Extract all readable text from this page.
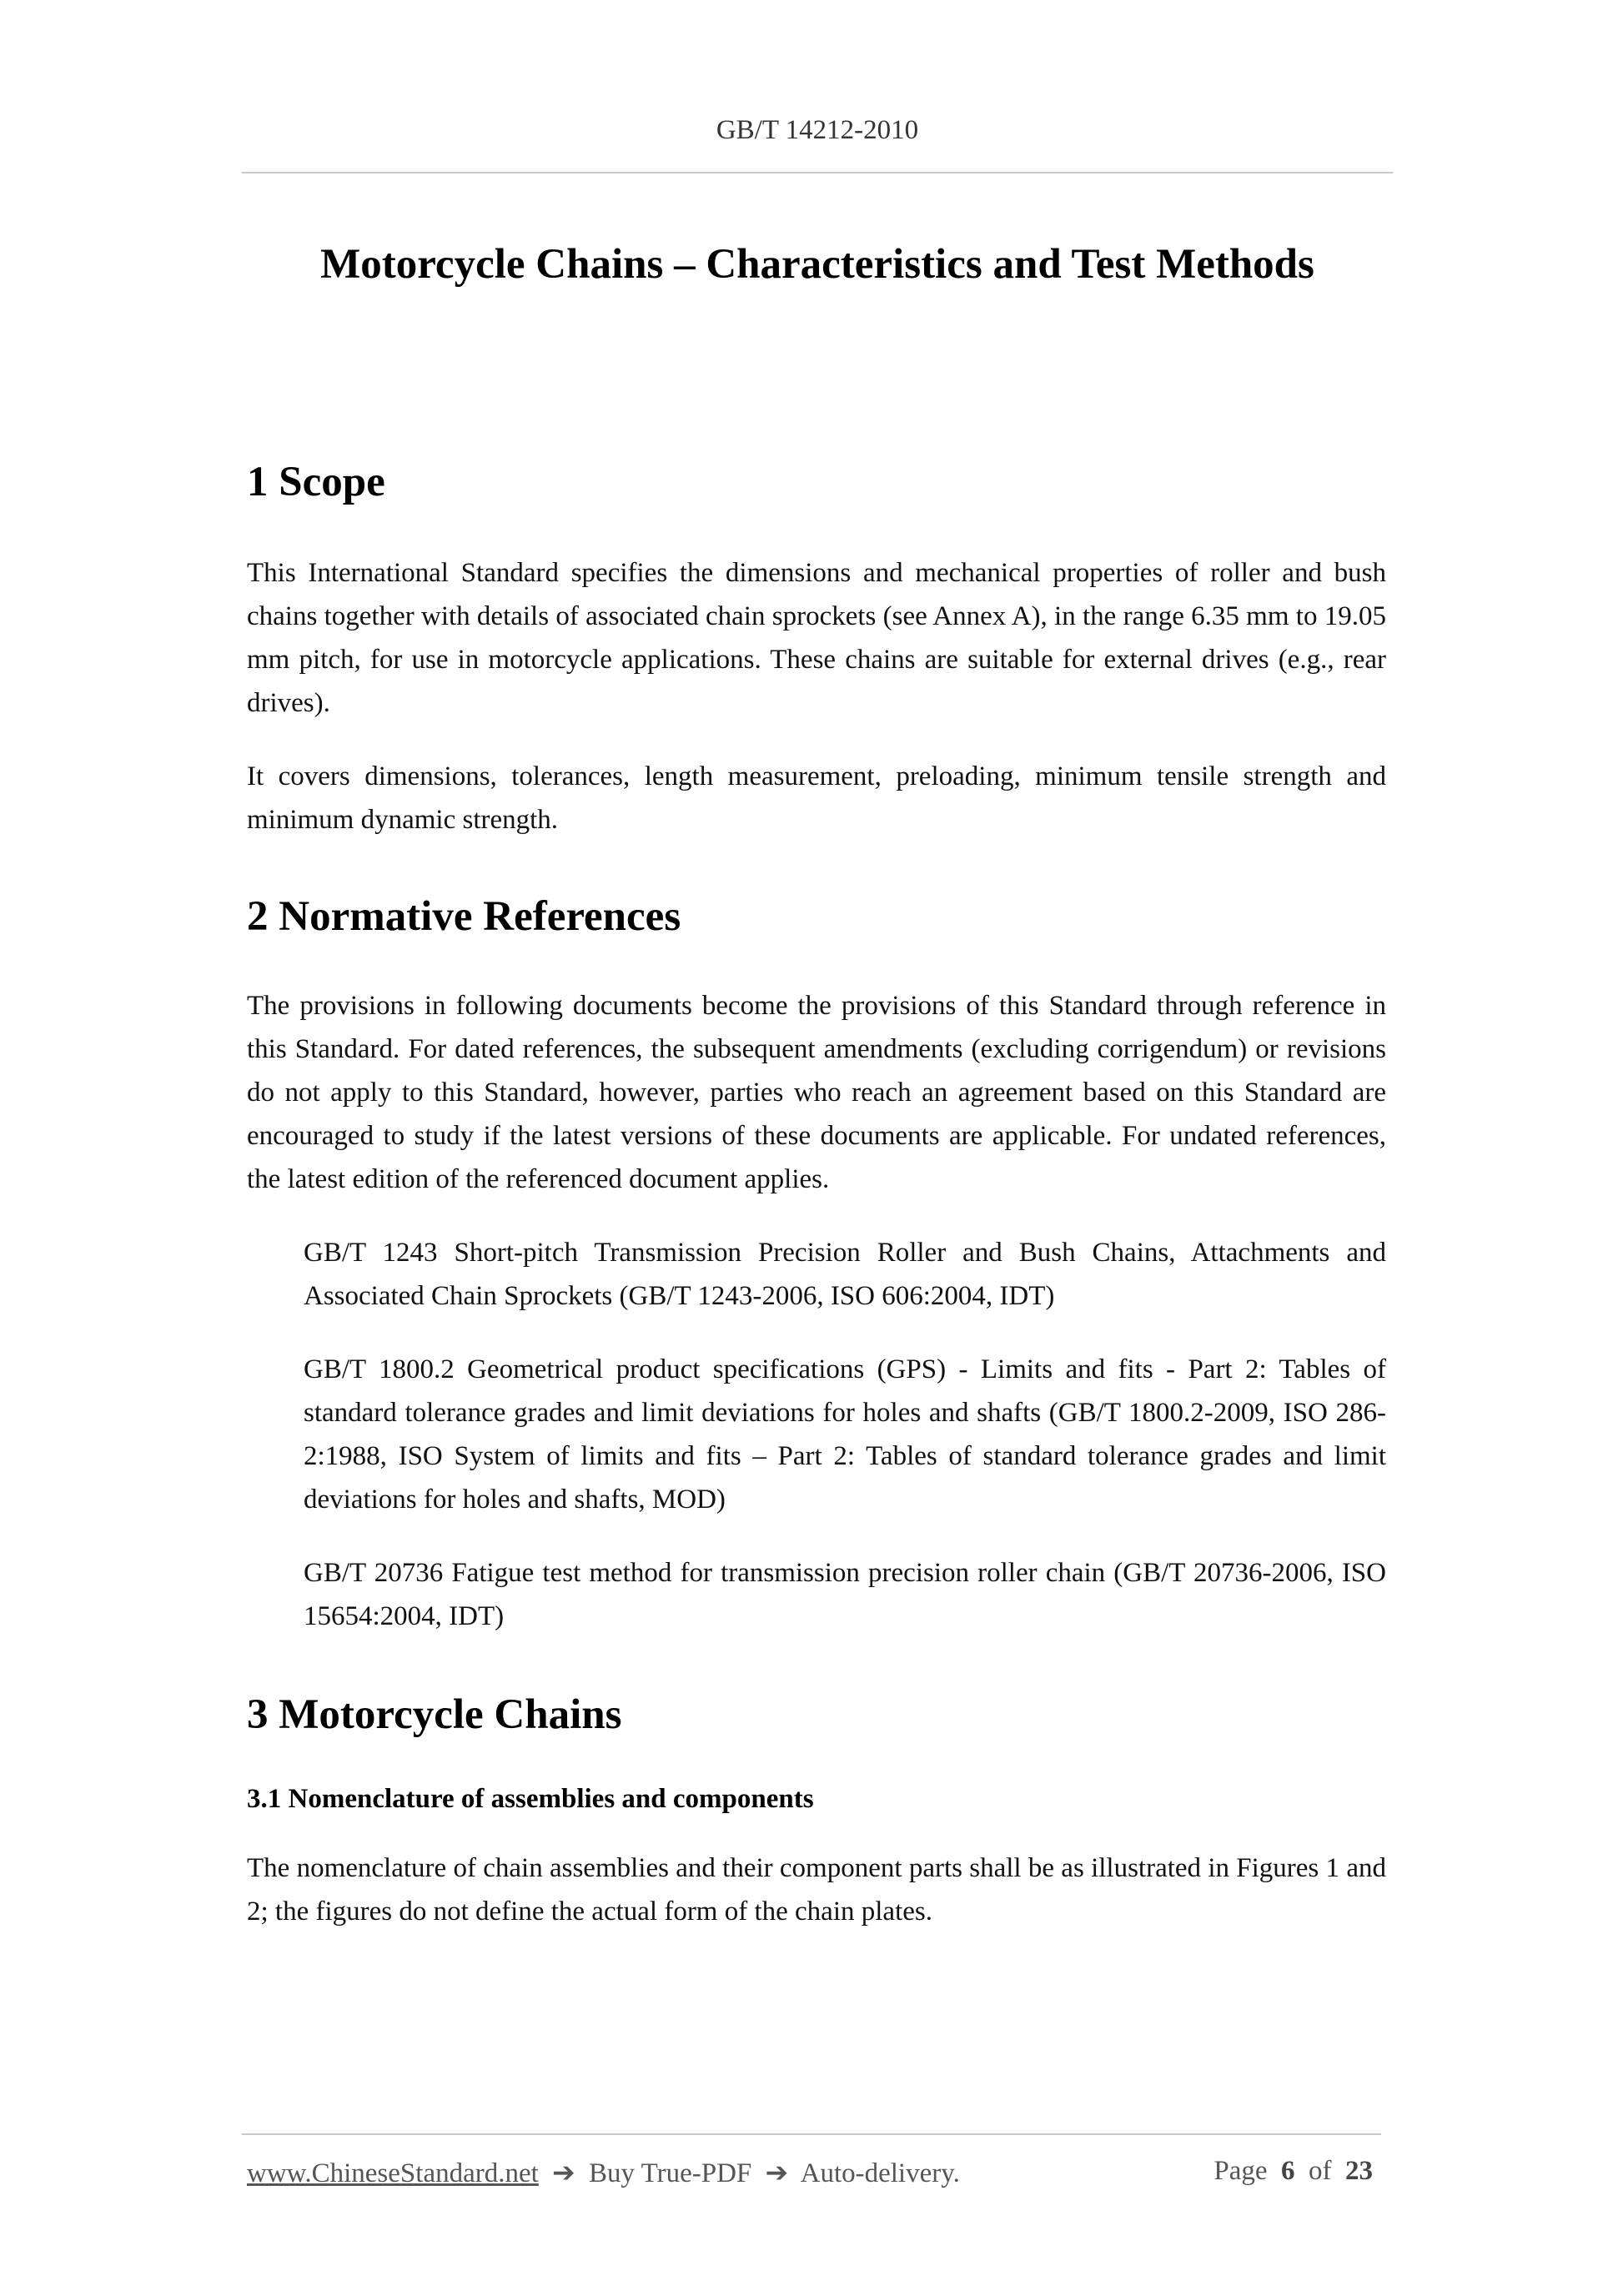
GB/T 14212-2010
Motorcycle Chains – Characteristics and Test Methods
1 Scope

This International Standard specifies the dimensions and mechanical properties of roller and bush chains together with details of associated chain sprockets (see Annex A), in the range 6.35 mm to 19.05 mm pitch, for use in motorcycle applications. These chains are suitable for external drives (e.g., rear drives).

It covers dimensions, tolerances, length measurement, preloading, minimum tensile strength and minimum dynamic strength.

2 Normative References

The provisions in following documents become the provisions of this Standard through reference in this Standard. For dated references, the subsequent amendments (excluding corrigendum) or revisions do not apply to this Standard, however, parties who reach an agreement based on this Standard are encouraged to study if the latest versions of these documents are applicable. For undated references, the latest edition of the referenced document applies.

GB/T 1243 Short-pitch Transmission Precision Roller and Bush Chains, Attachments and Associated Chain Sprockets (GB/T 1243-2006, ISO 606:2004, IDT)

GB/T 1800.2 Geometrical product specifications (GPS) - Limits and fits - Part 2: Tables of standard tolerance grades and limit deviations for holes and shafts (GB/T 1800.2-2009, ISO 286-2:1988, ISO System of limits and fits – Part 2: Tables of standard tolerance grades and limit deviations for holes and shafts, MOD)

GB/T 20736 Fatigue test method for transmission precision roller chain (GB/T 20736-2006, ISO 15654:2004, IDT)

3 Motorcycle Chains
3.1 Nomenclature of assemblies and components

The nomenclature of chain assemblies and their component parts shall be as illustrated in Figures 1 and 2; the figures do not define the actual form of the chain plates.

www.ChineseStandard.net ➔ Buy True-PDF ➔ Auto-delivery.	Page 6 of 23
